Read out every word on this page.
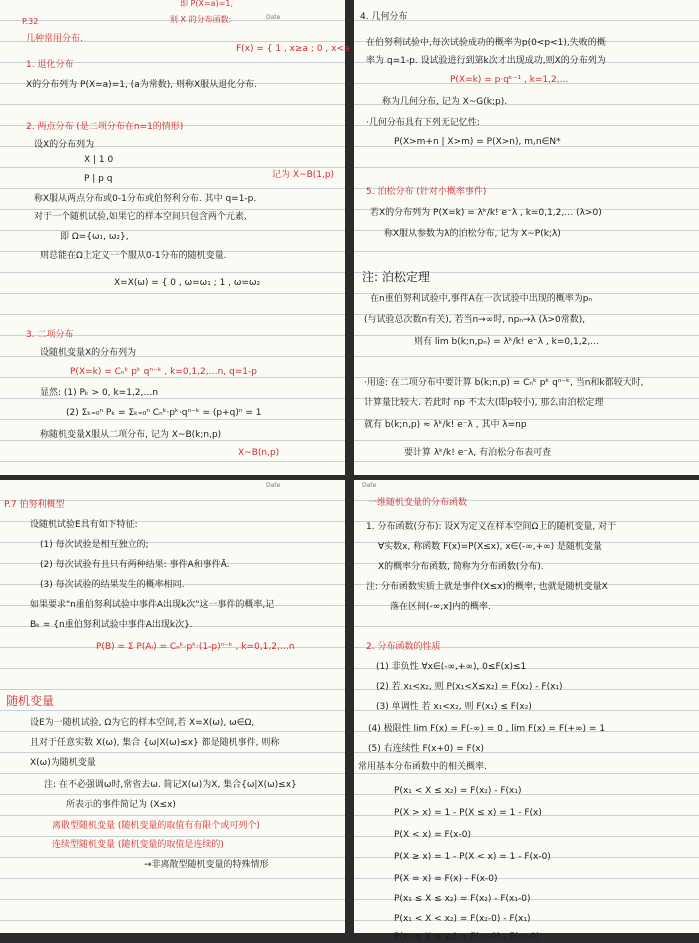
Date
即 P(X=a)=1,
则 X 的分布函数:
F(x) = { 1 , x≥a ; 0 , x<a
P.32
几种常用分布.
1. 退化分布
X的分布列为 P(X=a)=1, (a为常数), 则称X服从退化分布.
2. 两点分布 (是二项分布在n=1的情形)
设X的分布列为
X | 1 0
P | p q	记为 X~B(1,p)
称X服从两点分布或0-1分布或伯努利分布. 其中 q=1-p.
对于一个随机试验,如果它的样本空间只包含两个元素,
即 Ω={ω₁, ω₂},
则总能在Ω上定义一个服从0-1分布的随机变量.
X=X(ω) = { 0 , ω=ω₁ ; 1 , ω=ω₂
3. 二项分布
设随机变量X的分布列为
P(X=k) = Cₙᵏ pᵏ qⁿ⁻ᵏ , k=0,1,2,…n, q=1-p
显然: (1) Pₖ > 0, k=1,2,…n
(2) Σₖ₌₀ⁿ Pₖ = Σₖ₌₀ⁿ Cₙᵏ·pᵏ·qⁿ⁻ᵏ = (p+q)ⁿ = 1
称随机变量X服从二项分布, 记为 X~B(k;n,p)
X~B(n,p)
4. 几何分布
在伯努利试验中,每次试验成功的概率为p(0<p<1),失败的概
率为 q=1-p. 设试验进行到第k次才出现成功,则X的分布列为
P(X=k) = p·qᵏ⁻¹ , k=1,2,…
称为几何分布, 记为 X~G(k;p).
·几何分布具有下列无记忆性:
P(X>m+n | X>m) = P(X>n), m,n∈N*
5. 泊松分布 (针对小概率事件)
若X的分布列为 P(X=k) = λᵏ/k! e⁻λ , k=0,1,2,… (λ>0)
称X服从参数为λ的泊松分布, 记为 X~P(k;λ)
注: 泊松定理
在n重伯努利试验中,事件A在一次试验中出现的概率为pₙ
(与试验总次数n有关), 若当n→∞时, npₙ→λ (λ>0常数),
则有 lim b(k;n,pₙ) = λᵏ/k! e⁻λ , k=0,1,2,…
·用途: 在二项分布中要计算 b(k;n,p) = Cₙᵏ pᵏ qⁿ⁻ᵏ, 当n和k都较大时,
计算量比较大. 若此时 np 不太大(即p较小), 那么由泊松定理
就有 b(k;n,p) ≈ λᵏ/k! e⁻λ , 其中 λ=np
要计算 λᵏ/k! e⁻λ, 有泊松分布表可查
Date
P.7 伯努利概型
设随机试验E具有如下特征:
(1) 每次试验是相互独立的;
(2) 每次试验有且只有两种结果: 事件A和事件Ā.
(3) 每次试验的结果发生的概率相同.
如果要求"n重伯努利试验中事件A出现k次"这一事件的概率,记
Bₖ = {n重伯努利试验中事件A出现k次}.
P(B) = Σ P(Aᵢ) = Cₙᵏ·pᵏ·(1-p)ⁿ⁻ᵏ , k=0,1,2,…n
随机变量
设E为一随机试验, Ω为它的样本空间,若 X=X(ω), ω∈Ω,
且对于任意实数 X(ω), 集合 {ω|X(ω)≤x} 都是随机事件, 则称
X(ω)为随机变量
注: 在不必强调ω时,常省去ω. 简记X(ω)为X, 集合{ω|X(ω)≤x}
所表示的事件简记为 (X≤x)
离散型随机变量 (随机变量的取值有有限个或可列个)
连续型随机变量 (随机变量的取值是连续的)
→非离散型随机变量的特殊情形
Date
一维随机变量的分布函数
1. 分布函数(分布): 设X为定义在样本空间Ω上的随机变量, 对于
∀实数x, 称函数 F(x)=P(X≤x), x∈(-∞,+∞) 是随机变量
X的概率分布函数, 简称为分布函数(分布).
注: 分布函数实质上就是事件(X≤x)的概率, 也就是随机变量X
落在区间(-∞,x]内的概率.
2. 分布函数的性质
(1) 非负性 ∀x∈(-∞,+∞), 0≤F(x)≤1
(2) 若 x₁<x₂, 则 P(x₁<X≤x₂) = F(x₂) - F(x₁)
(3) 单调性 若 x₁<x₂, 则 F(x₁) ≤ F(x₂)
(4) 极限性 lim F(x) = F(-∞) = 0 , lim F(x) = F(+∞) = 1
(5) 右连续性 F(x+0) = F(x)
常用基本分布函数中的相关概率.
P(x₁ < X ≤ x₂) = F(x₂) - F(x₁)
P(X > x) = 1 - P(X ≤ x) = 1 - F(x)
P(X < x) = F(x-0)
P(X ≥ x) = 1 - P(X < x) = 1 - F(x-0)
P(X = x) = F(x) - F(x-0)
P(x₁ ≤ X ≤ x₂) = F(x₂) - F(x₁-0)
P(x₁ < X < x₂) = F(x₂-0) - F(x₁)
P(x₁ ≤ X < x₂) = F(x₂-0) - F(x₁-0)
